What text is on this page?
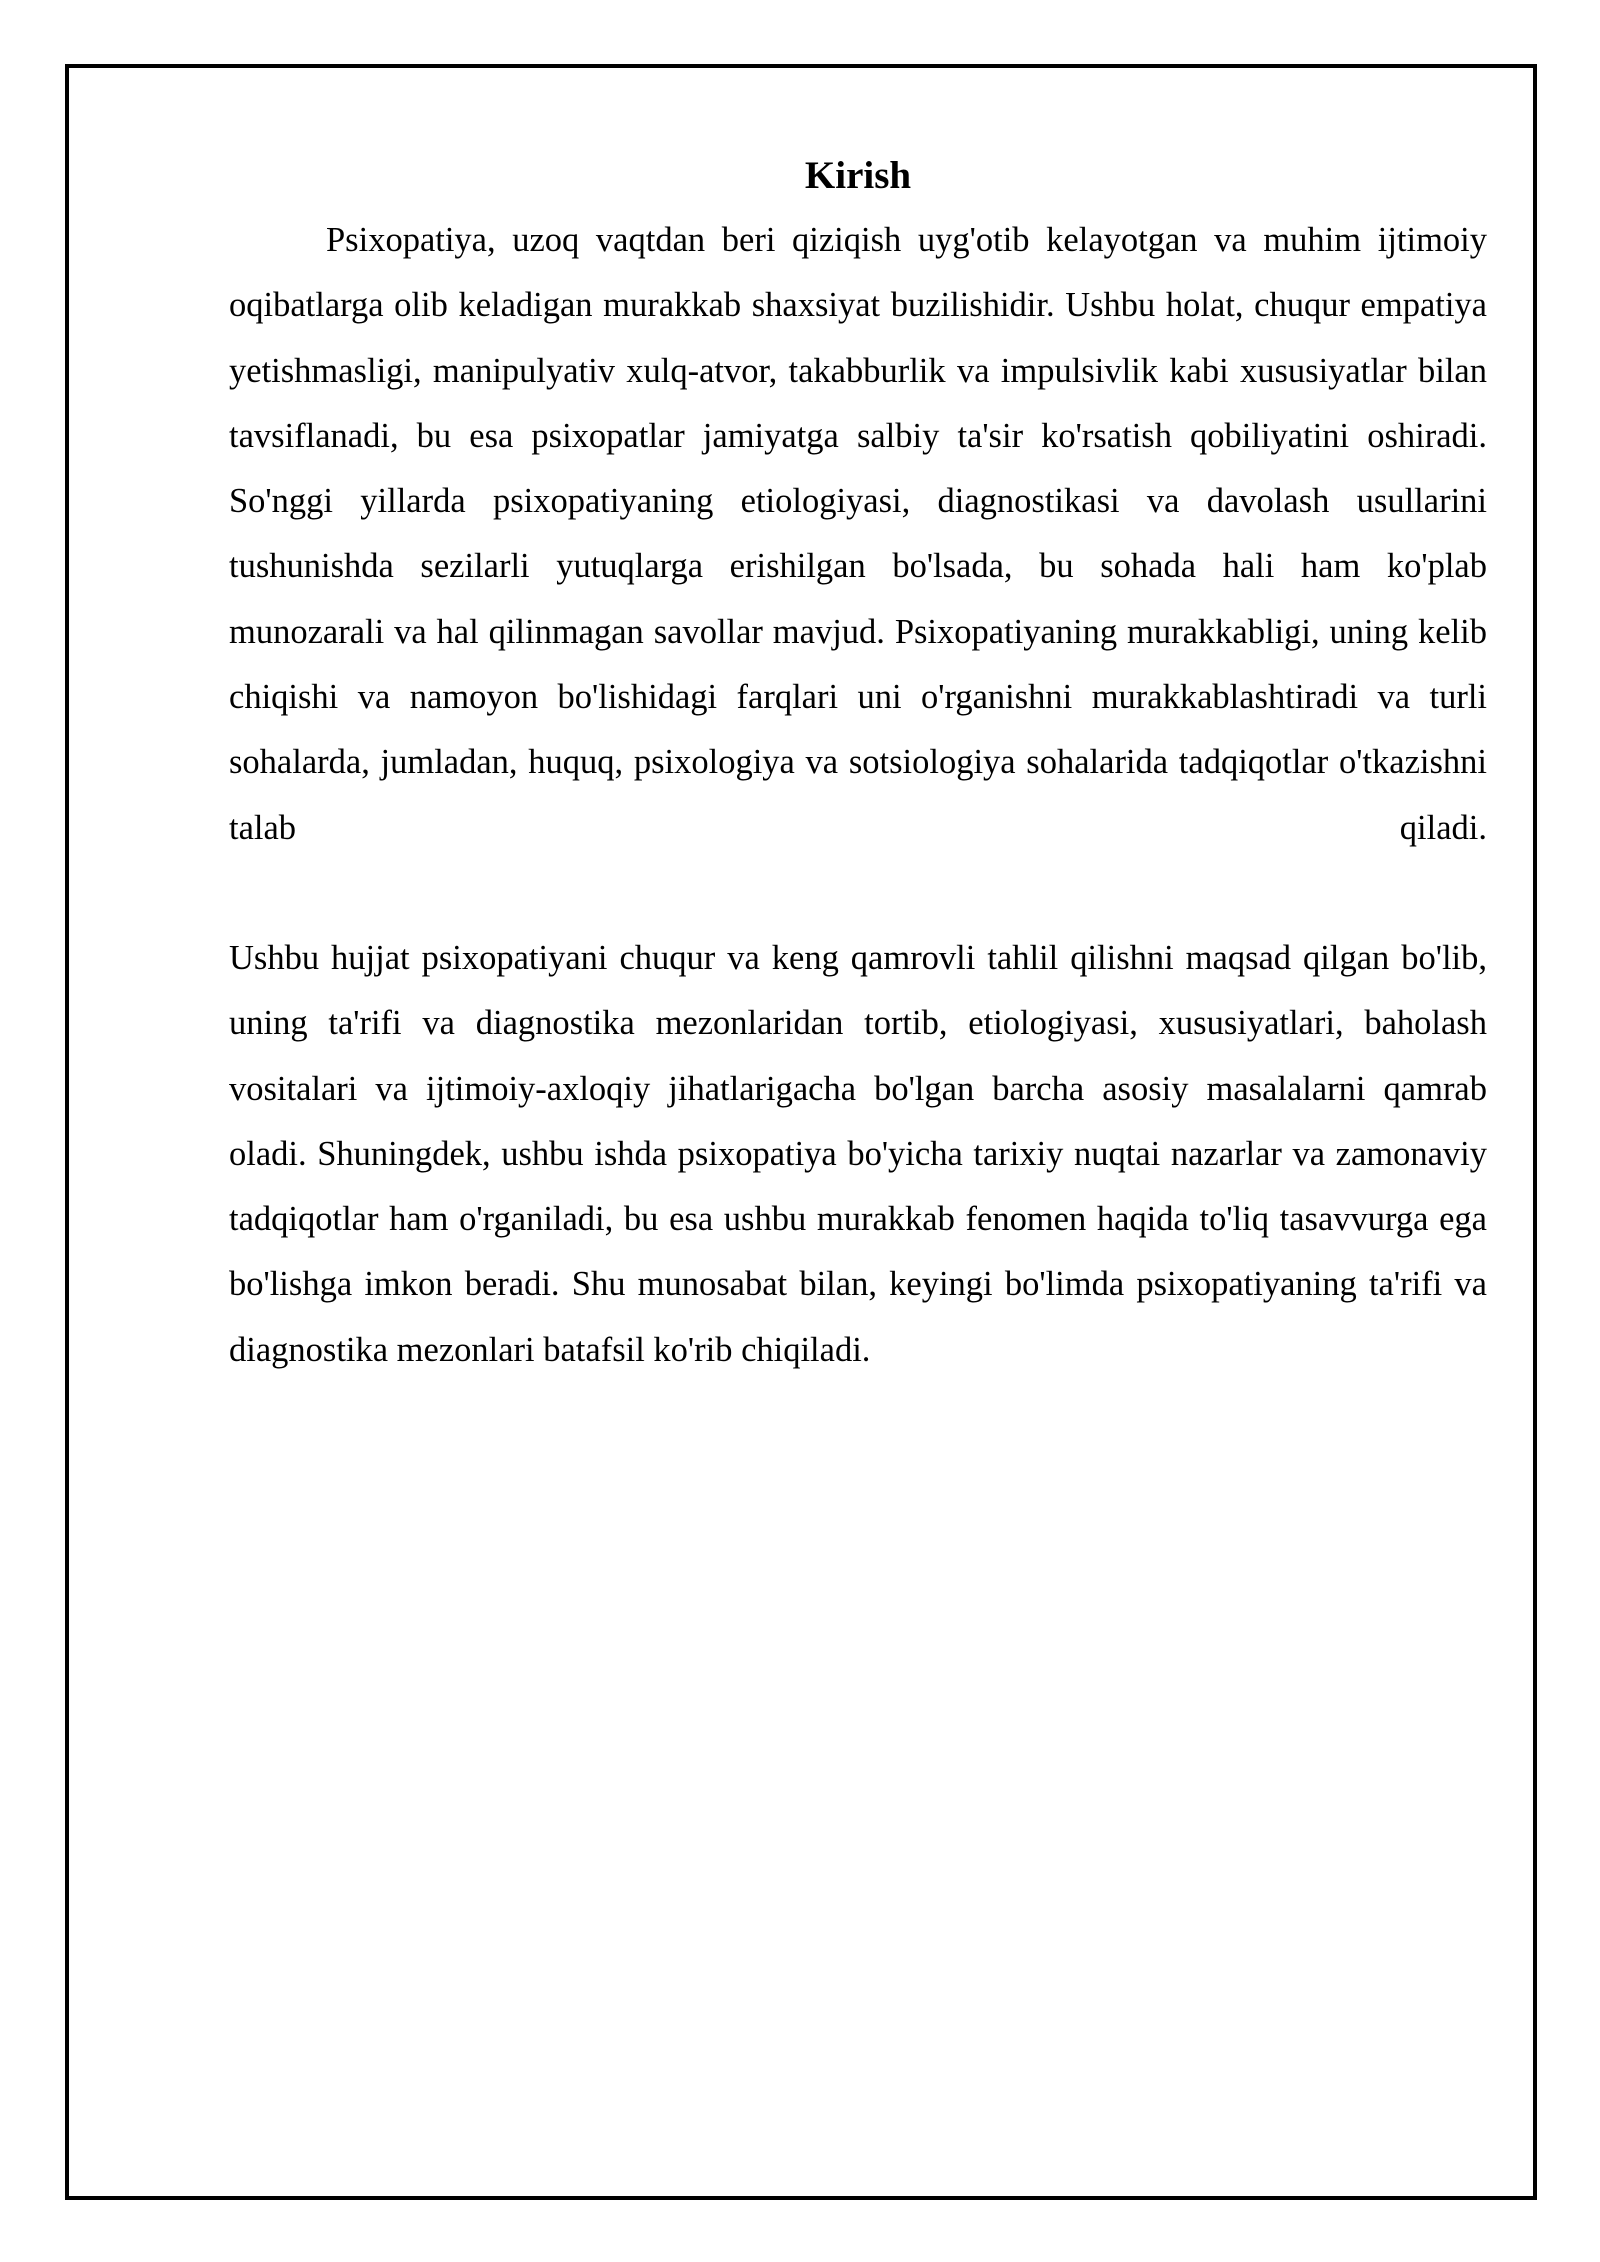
Kirish

Psixopatiya, uzoq vaqtdan beri qiziqish uyg'otib kelayotgan va muhim ijtimoiy oqibatlarga olib keladigan murakkab shaxsiyat buzilishidir. Ushbu holat, chuqur empatiya yetishmasligi, manipulyativ xulq-atvor, takabburlik va impulsivlik kabi xususiyatlar bilan tavsiflanadi, bu esa psixopatlar jamiyatga salbiy ta'sir ko'rsatish qobiliyatini oshiradi. So'nggi yillarda psixopatiyaning etiologiyasi, diagnostikasi va davolash usullarini tushunishda sezilarli yutuqlarga erishilgan bo'lsada, bu sohada hali ham ko'plab munozarali va hal qilinmagan savollar mavjud. Psixopatiyaning murakkabligi, uning kelib chiqishi va namoyon bo'lishidagi farqlari uni o'rganishni murakkablashtiradi va turli sohalarda, jumladan, huquq, psixologiya va sotsiologiya sohalarida tadqiqotlar o'tkazishni talab qiladi.

Ushbu hujjat psixopatiyani chuqur va keng qamrovli tahlil qilishni maqsad qilgan bo'lib, uning ta'rifi va diagnostika mezonlaridan tortib, etiologiyasi, xususiyatlari, baholash vositalari va ijtimoiy-axloqiy jihatlarigacha bo'lgan barcha asosiy masalalarni qamrab oladi. Shuningdek, ushbu ishda psixopatiya bo'yicha tarixiy nuqtai nazarlar va zamonaviy tadqiqotlar ham o'rganiladi, bu esa ushbu murakkab fenomen haqida to'liq tasavvurga ega bo'lishga imkon beradi. Shu munosabat bilan, keyingi bo'limda psixopatiyaning ta'rifi va diagnostika mezonlari batafsil ko'rib chiqiladi.
